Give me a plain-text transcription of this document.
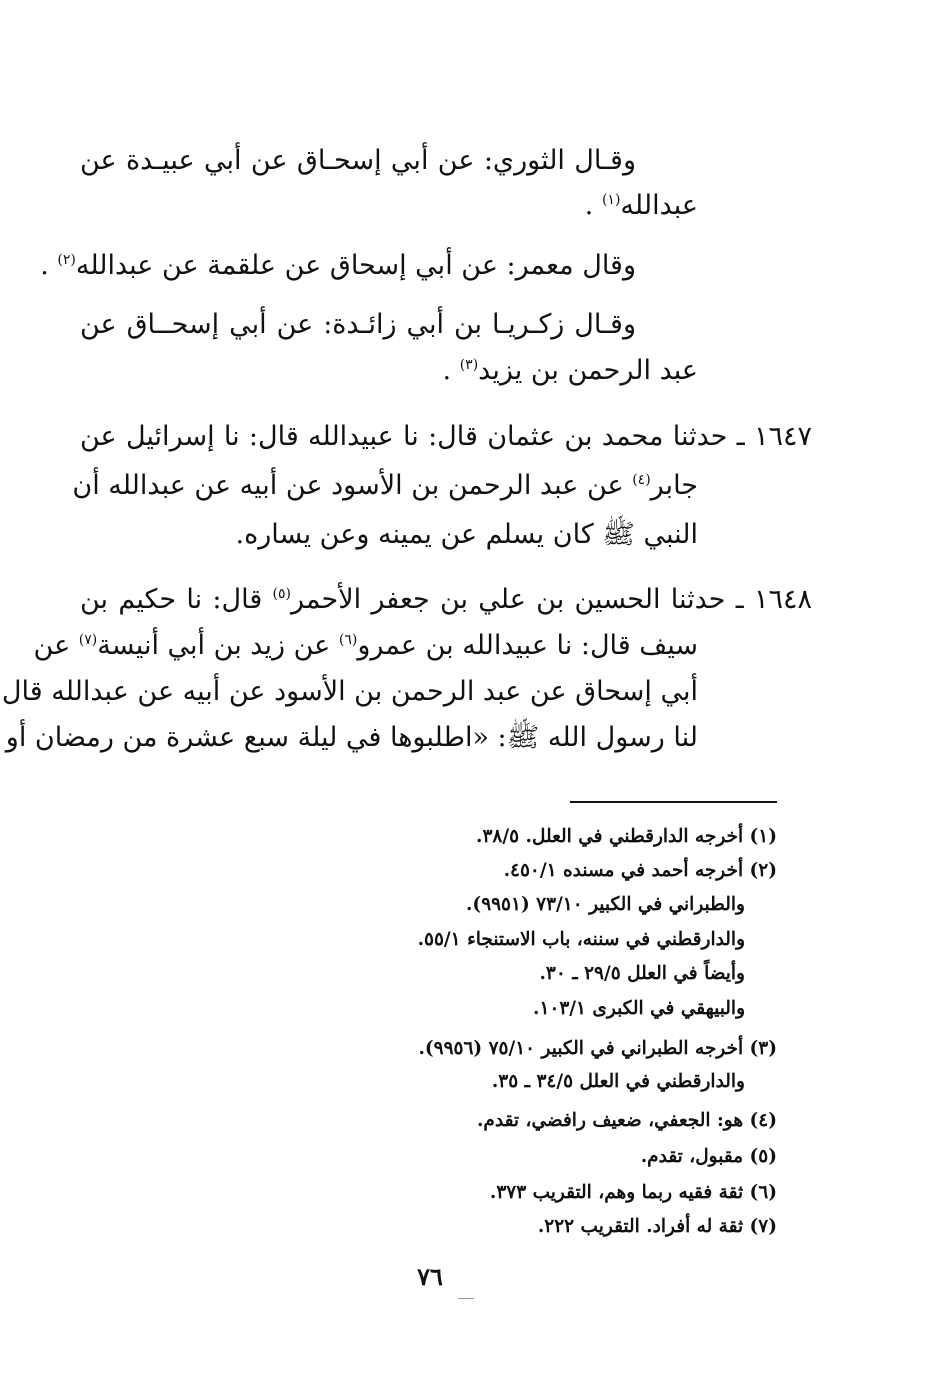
وقـال الثوري: عن أبي إسحـاق عن أبي عبيـدة عن
عبدالله$^{(١)}$ .
وقال معمر: عن أبي إسحاق عن علقمة عن عبدالله$^{(٢)}$ .
وقـال زكـريـا بن أبي زائـدة: عن أبي إسحــاق عن
عبد الرحمن بن يزيد$^{(٣)}$ .
١٦٤٧ ـ حدثنا محمد بن عثمان قال: نا عبيدالله قال: نا إسرائيل عن
جابر$^{(٤)}$ عن عبد الرحمن بن الأسود عن أبيه عن عبدالله أن
النبي ﷺ كان يسلم عن يمينه وعن يساره.
١٦٤٨ ـ حدثنا الحسين بن علي بن جعفر الأحمر$^{(٥)}$ قال: نا حكيم بن
سيف قال: نا عبيدالله بن عمرو$^{(٦)}$ عن زيد بن أبي أنيسة$^{(٧)}$ عن
أبي إسحاق عن عبد الرحمن بن الأسود عن أبيه عن عبدالله قال
لنا رسول الله ﷺ: «اطلبوها في ليلة سبع عشرة من رمضان أو
(١) أخرجه الدارقطني في العلل. ٣٨/٥.
(٢) أخرجه أحمد في مسنده ٤٥٠/١.
والطبراني في الكبير ٧٣/١٠ (٩٩٥١).
والدارقطني في سننه، باب الاستنجاء ٥٥/١.
وأيضاً في العلل ٢٩/٥ ـ ٣٠.
والبيهقي في الكبرى ١٠٣/١.
(٣) أخرجه الطبراني في الكبير ٧٥/١٠ (٩٩٥٦).
والدارقطني في العلل ٣٤/٥ ـ ٣٥.
(٤) هو: الجعفي، ضعيف رافضي، تقدم.
(٥) مقبول، تقدم.
(٦) ثقة فقيه ربما وهم، التقريب ٣٧٣.
(٧) ثقة له أفراد. التقريب ٢٢٢.
٧٦
